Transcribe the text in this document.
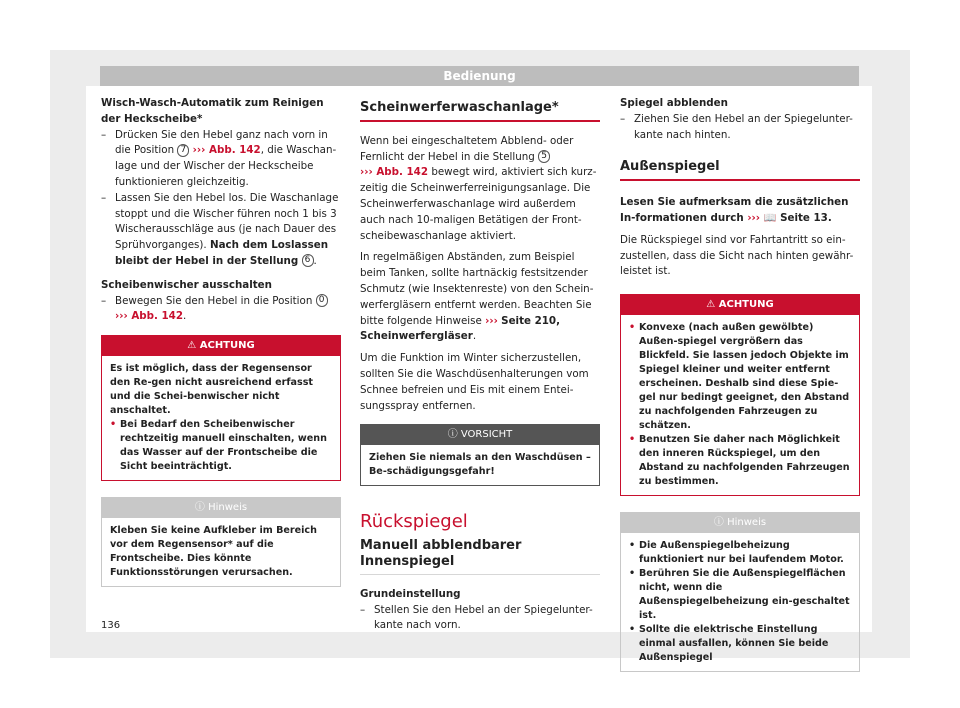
Bedienung
Wisch-Wasch-Automatik zum Reinigen der Heckscheibe*
– Drücken Sie den Hebel ganz nach vorn in die Position 7 ››› Abb. 142, die Waschan-lage und der Wischer der Heckscheibe funktionieren gleichzeitig.
– Lassen Sie den Hebel los. Die Waschanlage stoppt und die Wischer führen noch 1 bis 3 Wischerausschläge aus (je nach Dauer des Sprühvorganges). Nach dem Loslassen bleibt der Hebel in der Stellung 6 .
Scheibenwischer ausschalten
– Bewegen Sie den Hebel in die Position 0
››› Abb. 142.
⚠ ACHTUNG
Es ist möglich, dass der Regensensor den Re-gen nicht ausreichend erfasst und die Schei-benwischer nicht anschaltet.
• Bei Bedarf den Scheibenwischer rechtzeitig manuell einschalten, wenn das Wasser auf der Frontscheibe die Sicht beeinträchtigt.
ⓘ Hinweis
Kleben Sie keine Aufkleber im Bereich vor dem Regensensor* auf die Frontscheibe. Dies könnte Funktionsstörungen verursachen.
Scheinwerferwaschanlage*

Wenn bei eingeschaltetem Abblend- oder Fernlicht der Hebel in die Stellung 5
››› Abb. 142 bewegt wird, aktiviert sich kurz-zeitig die Scheinwerferreinigungsanlage. Die Scheinwerferwaschanlage wird außerdem auch nach 10-maligen Betätigen der Front-scheibewaschanlage aktiviert.

In regelmäßigen Abständen, zum Beispiel beim Tanken, sollte hartnäckig festsitzender Schmutz (wie Insektenreste) von den Schein-werfergläsern entfernt werden. Beachten Sie bitte folgende Hinweise ››› Seite 210, Scheinwerfergläser.

Um die Funktion im Winter sicherzustellen, sollten Sie die Waschdüsenhalterungen vom Schnee befreien und Eis mit einem Entei-sungsspray entfernen.

ⓘ VORSICHT
Ziehen Sie niemals an den Waschdüsen – Be-schädigungsgefahr!
Rückspiegel
Manuell abblendbarer Innenspiegel
Grundeinstellung
– Stellen Sie den Hebel an der Spiegelunter-kante nach vorn.
Spiegel abblenden
– Ziehen Sie den Hebel an der Spiegelunter-kante nach hinten.
Außenspiegel

Lesen Sie aufmerksam die zusätzlichen In-formationen durch ››› 📖 Seite 13.

Die Rückspiegel sind vor Fahrtantritt so ein-zustellen, dass die Sicht nach hinten gewähr-leistet ist.

⚠ ACHTUNG
• Konvexe (nach außen gewölbte) Außen-spiegel vergrößern das Blickfeld. Sie lassen jedoch Objekte im Spiegel kleiner und weiter entfernt erscheinen. Deshalb sind diese Spie-gel nur bedingt geeignet, den Abstand zu nachfolgenden Fahrzeugen zu schätzen.
• Benutzen Sie daher nach Möglichkeit den inneren Rückspiegel, um den Abstand zu nachfolgenden Fahrzeugen zu bestimmen.
ⓘ Hinweis
• Die Außenspiegelbeheizung funktioniert nur bei laufendem Motor.
• Berühren Sie die Außenspiegelflächen nicht, wenn die Außenspiegelbeheizung ein-geschaltet ist.
• Sollte die elektrische Einstellung einmal ausfallen, können Sie beide Außenspiegel
136
